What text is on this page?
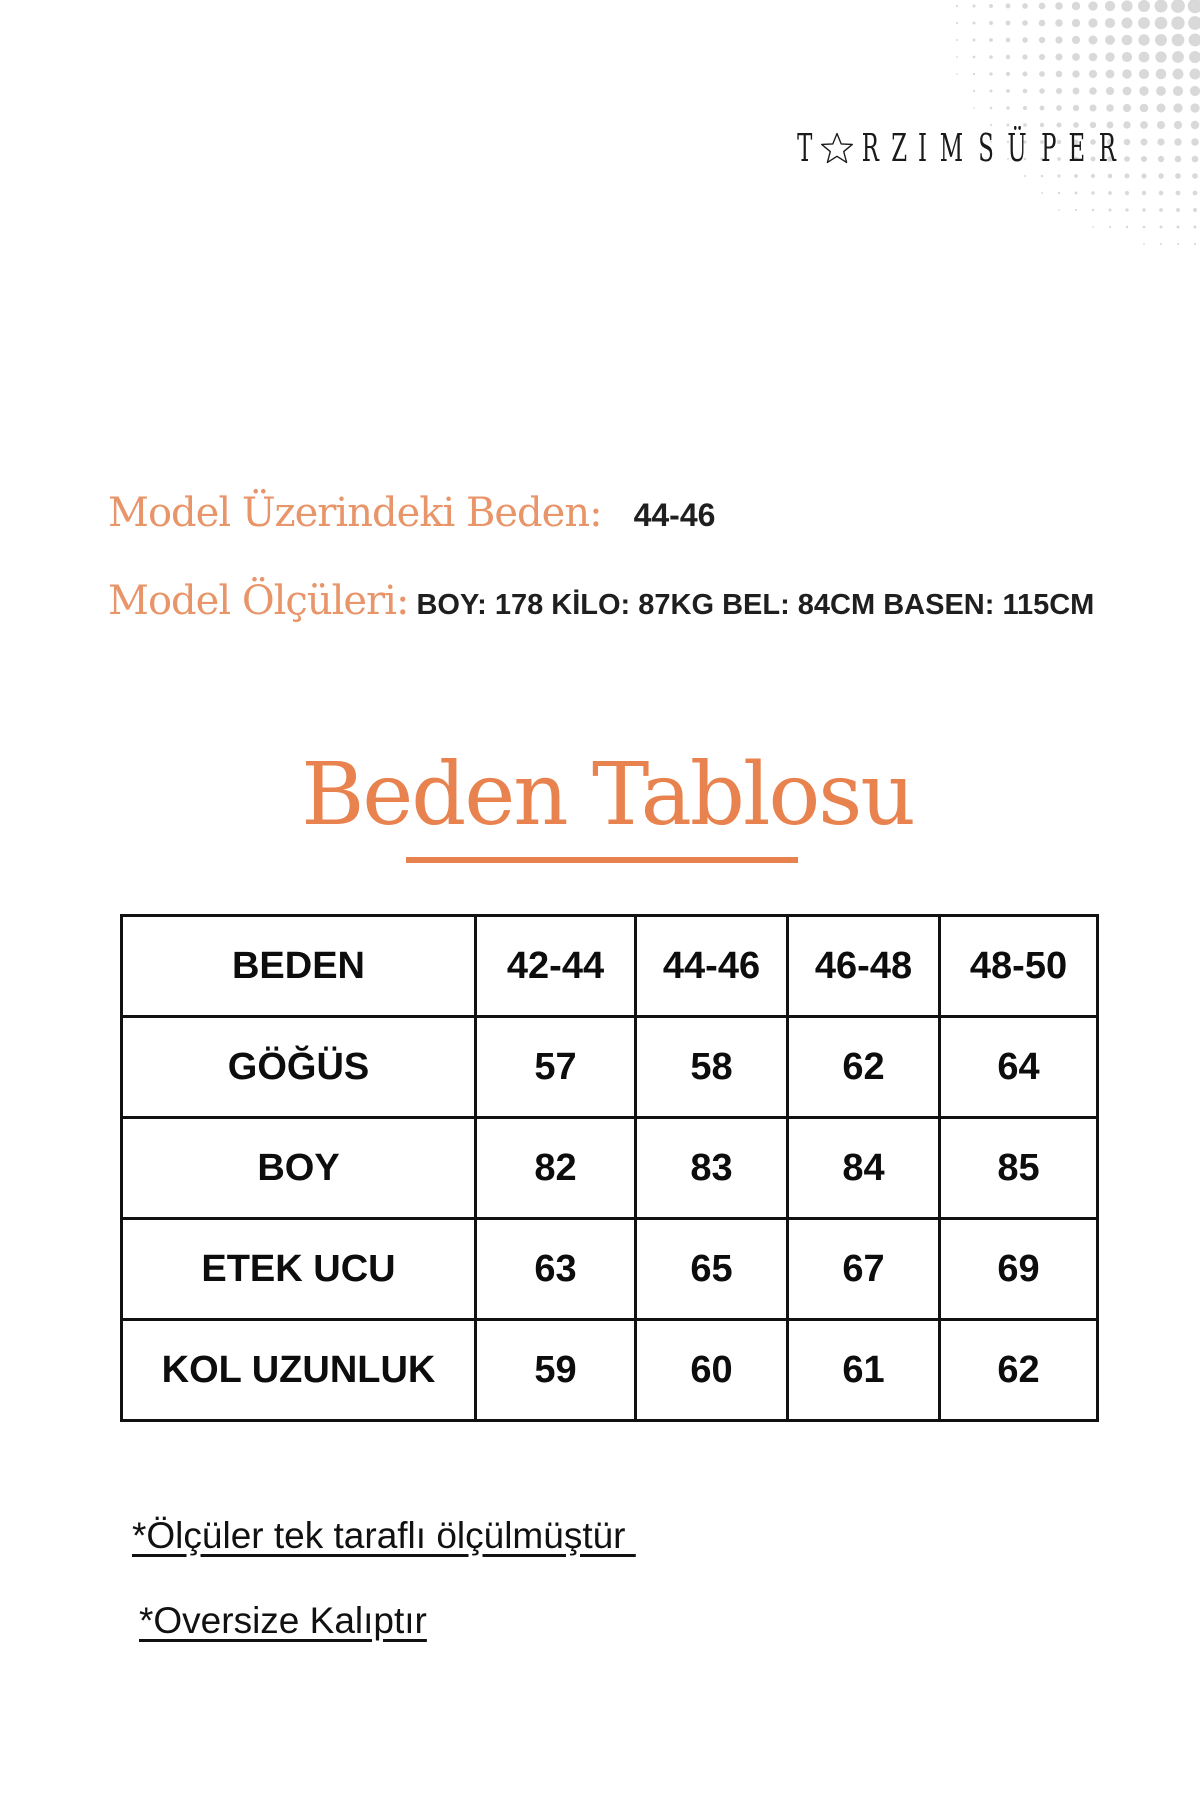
T R Z I M S Ü P E R
Model Üzerindeki Beden: 44-46
Model Ölçüleri: BOY: 178 KİLO: 87KG BEL: 84CM BASEN: 115CM
Beden Tablosu
BEDEN	42-44	44-46	46-48	48-50
GÖĞÜS	57	58	62	64
BOY	82	83	84	85
ETEK UCU	63	65	67	69
KOL UZUNLUK	59	60	61	62
*Ölçüler tek taraflı ölçülmüştür
*Oversize Kalıptır
